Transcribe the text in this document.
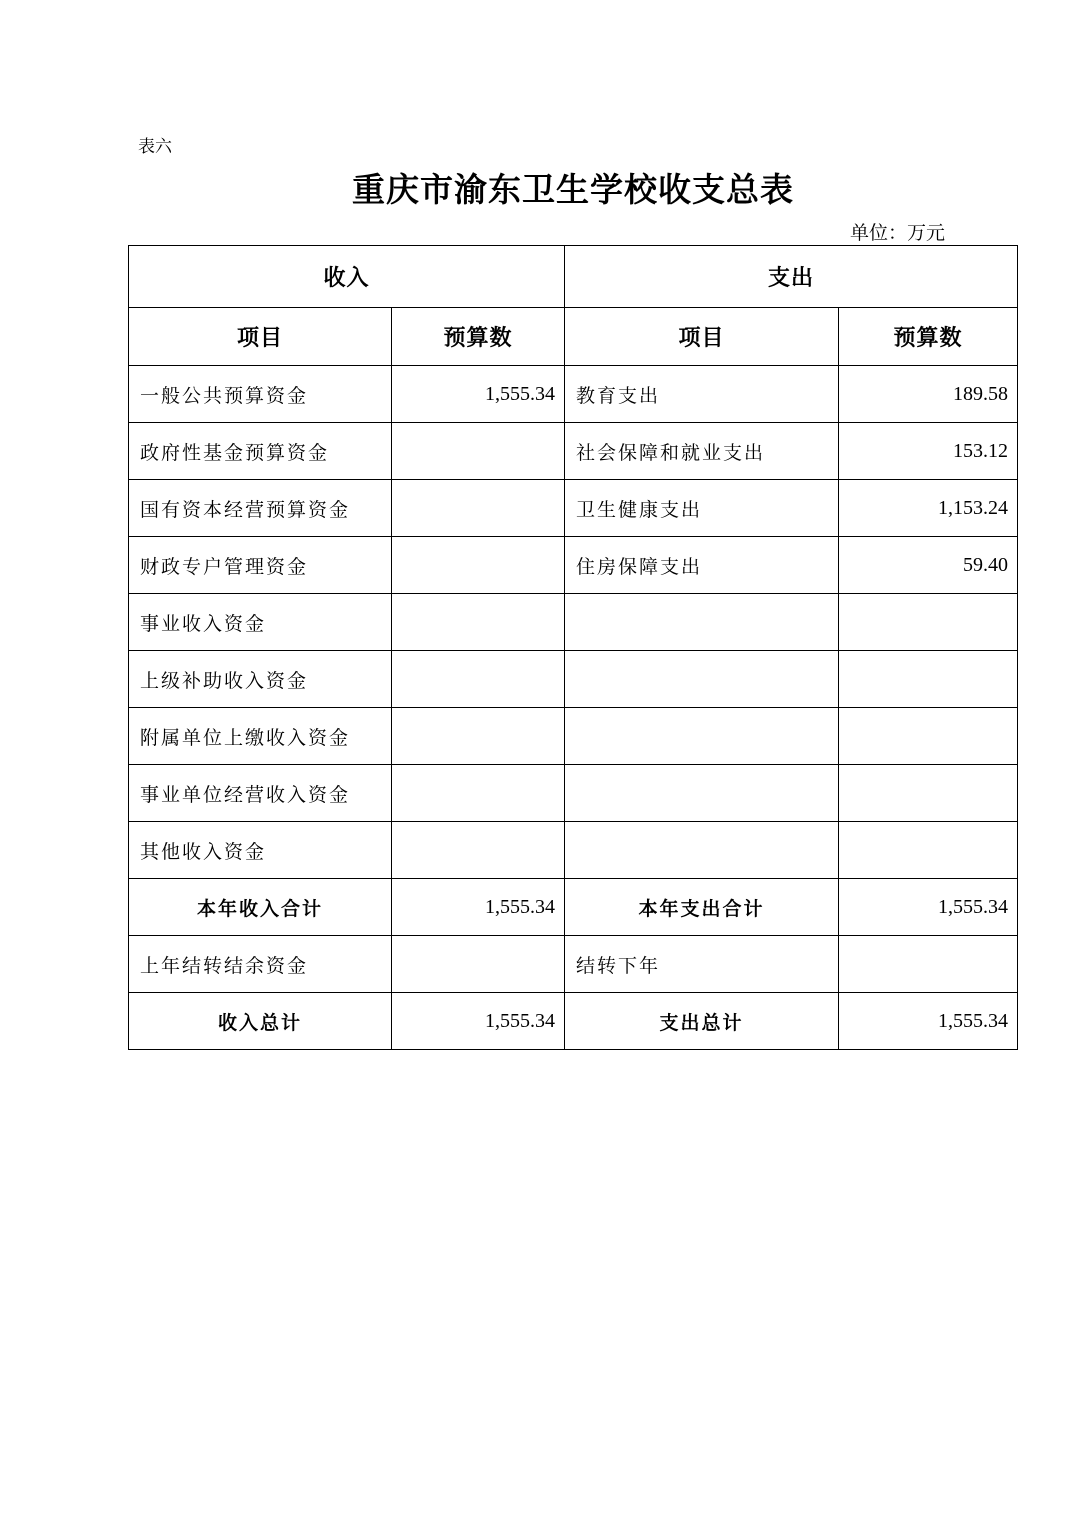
表六
重庆市渝东卫生学校收支总表
单位：万元
收入		支出	
项目	预算数	项目	预算数
一般公共预算资金	1,555.34	教育支出	189.58
政府性基金预算资金		社会保障和就业支出	153.12
国有资本经营预算资金		卫生健康支出	1,153.24
财政专户管理资金		住房保障支出	59.40
事业收入资金			
上级补助收入资金			
附属单位上缴收入资金			
事业单位经营收入资金			
其他收入资金			
本年收入合计	1,555.34	本年支出合计	1,555.34
上年结转结余资金		结转下年	
收入总计	1,555.34	支出总计	1,555.34
